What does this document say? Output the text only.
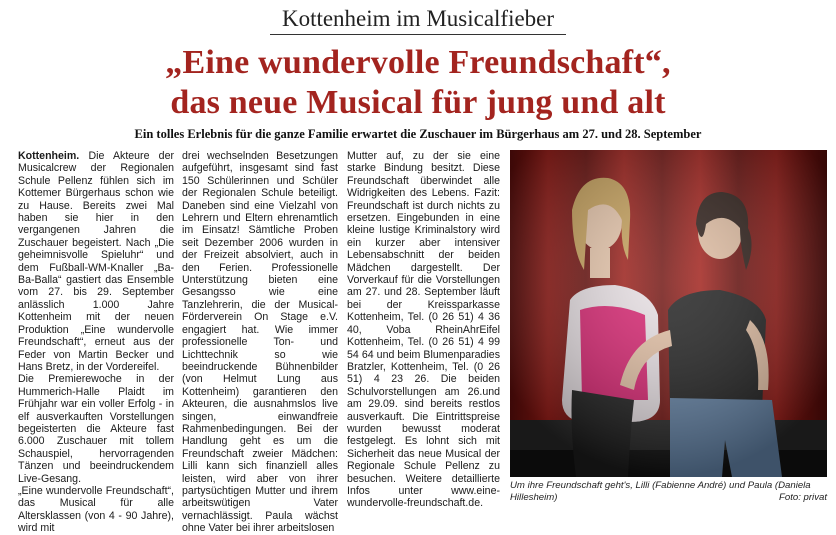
Kottenheim im Musicalfieber
„Eine wundervolle Freundschaft“,
das neue Musical für jung und alt
Ein tolles Erlebnis für die ganze Familie erwartet die Zuschauer im Bürgerhaus am 27. und 28. September

Kottenheim. Die Akteure der Musicalcrew der Regionalen Schule Pellenz fühlen sich im Kottemer Bürgerhaus schon wie zu Hause. Bereits zwei Mal haben sie hier in den vergangenen Jahren die Zuschauer begeistert. Nach „Die geheimnisvolle Spieluhr“ und dem Fußball-WM-Knaller „Ba-Ba-Balla“ gastiert das Ensemble vom 27. bis 29. September anlässlich 1.000 Jahre Kottenheim mit der neuen Produktion „Eine wundervolle Freundschaft“, erneut aus der Feder von Martin Becker und Hans Bretz, in der Vordereifel.

Die Premierewoche in der Hummerich-Halle Plaidt im Frühjahr war ein voller Erfolg - in elf ausverkauften Vorstellungen begeisterten die Akteure fast 6.000 Zuschauer mit tollem Schauspiel, hervorragenden Tänzen und beeindruckendem Live-Gesang.

„Eine wundervolle Freundschaft“, das Musical für alle Altersklassen (von 4 - 90 Jahre), wird mit

drei wechselnden Besetzungen aufgeführt, insgesamt sind fast 150 Schülerinnen und Schüler der Regionalen Schule beteiligt. Daneben sind eine Vielzahl von Lehrern und Eltern ehrenamtlich im Einsatz! Sämtliche Proben seit Dezember 2006 wurden in der Freizeit absolviert, auch in den Ferien. Professionelle Unterstützung bieten eine Gesangsso wie eine Tanzlehrerin, die der Musical-Förderverein On Stage e.V. engagiert hat. Wie immer professionelle Ton- und Lichttechnik so wie beeindruckende Bühnenbilder (von Helmut Lung aus Kottenheim) garantieren den Akteuren, die ausnahmslos live singen, einwandfreie Rahmenbedingungen. Bei der Handlung geht es um die Freundschaft zweier Mädchen: Lilli kann sich finanziell alles leisten, wird aber von ihrer partysüchtigen Mutter und ihrem arbeitswütigen Vater vernachlässigt. Paula wächst ohne Vater bei ihrer arbeitslosen

Mutter auf, zu der sie eine starke Bindung besitzt. Diese Freundschaft überwindet alle Widrigkeiten des Lebens. Fazit: Freundschaft ist durch nichts zu ersetzen. Eingebunden in eine kleine lustige Kriminalstory wird ein kurzer aber intensiver Lebensabschnitt der beiden Mädchen dargestellt. Der Vorverkauf für die Vorstellungen am 27. und 28. September läuft bei der Kreissparkasse Kottenheim, Tel. (0 26 51) 4 36 40, Voba RheinAhrEifel Kottenheim, Tel. (0 26 51) 4 99 54 64 und beim Blumenparadies Bratzler, Kottenheim, Tel. (0 26 51) 4 23 26. Die beiden Schulvorstellungen am 26.und am 29.09. sind bereits restlos ausverkauft. Die Eintrittspreise wurden bewusst moderat festgelegt. Es lohnt sich mit Sicherheit das neue Musical der Regionale Schule Pellenz zu besuchen. Weitere detaillierte Infos unter www.eine-wundervolle-freundschaft.de.

Um ihre Freundschaft geht's, Lilli (Fabienne André) und Paula (Daniela Hillesheim)	Foto: privat
